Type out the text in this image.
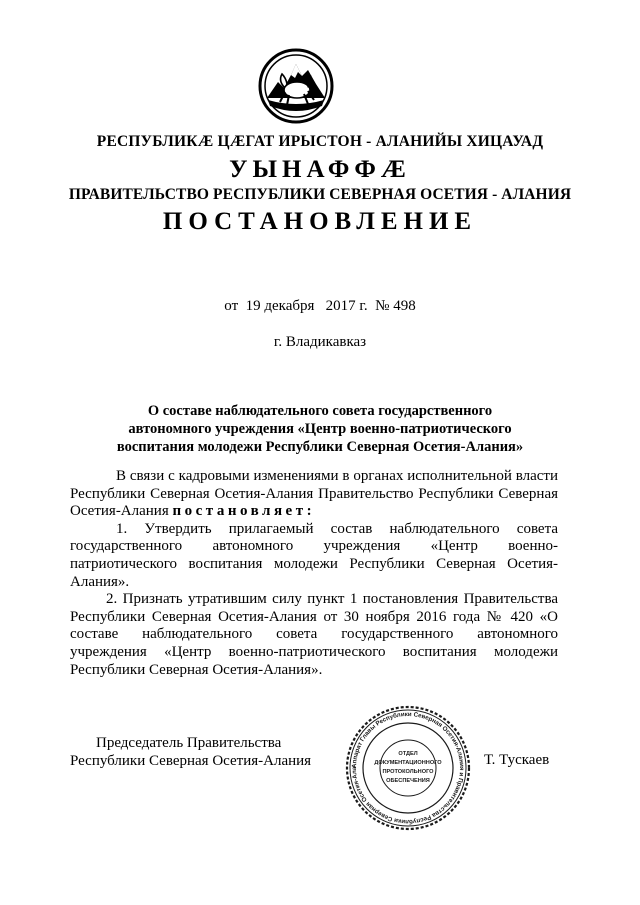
РЕСПУБЛИКӔ ЦӔГАТ ИРЫСТОН - АЛАНИЙЫ ХИЦАУАД
УЫНАФФӔ
ПРАВИТЕЛЬСТВО РЕСПУБЛИКИ СЕВЕРНАЯ ОСЕТИЯ - АЛАНИЯ
ПОСТАНОВЛЕНИЕ
от  19 декабря   2017 г.  № 498
г. Владикавказ
О составе наблюдательного совета государственного
автономного учреждения «Центр военно-патриотического
воспитания молодежи Республики Северная Осетия-Алания»

В связи с кадровыми изменениями в органах исполнительной власти Республики Северная Осетия-Алания Правительство Республики Северная Осетия-Алания постановляет:

1. Утвердить прилагаемый состав наблюдательного совета государственного автономного учреждения «Центр военно-патриотического воспитания молодежи Республики Северная Осетия-Алания».

2. Признать утратившим силу пункт 1 постановления Правительства Республики Северная Осетия-Алания от 30 ноября 2016 года № 420 «О составе наблюдательного совета государственного автономного учреждения «Центр военно-патриотического воспитания молодежи Республики Северная Осетия-Алания».

Председатель Правительства
Республики Северная Осетия-Алания	Т. Тускаев
Аппарат Главы Республики Северная Осетия-Алания и Правительства Республики Северная Осетия-Ала
ОТДЕЛ
ДОКУМЕНТАЦИОННОГО
ПРОТОКОЛЬНОГО
ОБЕСПЕЧЕНИЯ
